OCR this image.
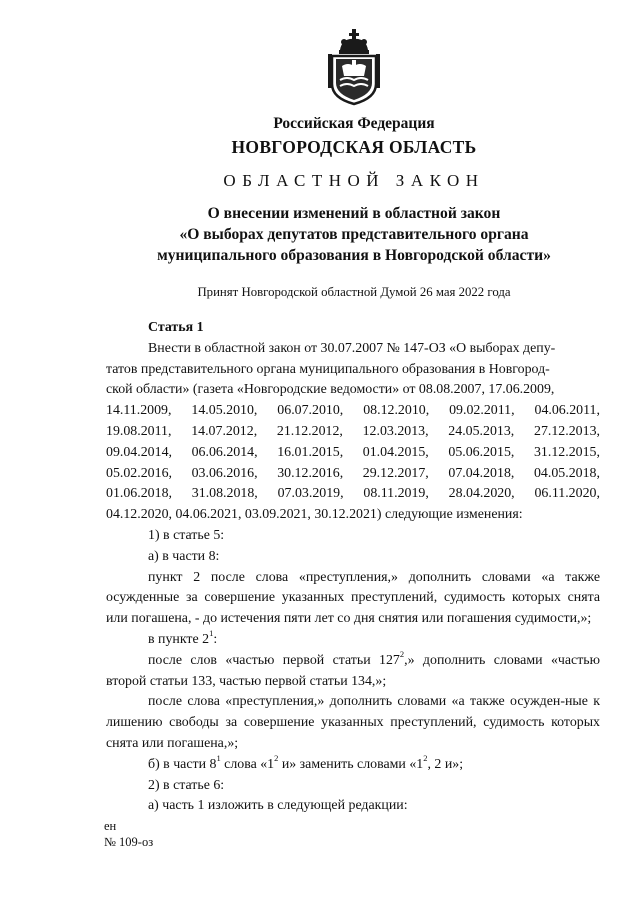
Российская Федерация
НОВГОРОДСКАЯ ОБЛАСТЬ
ОБЛАСТНОЙ ЗАКОН
О внесении изменений в областной закон
«О выборах депутатов представительного органа
муниципального образования в Новгородской области»
Принят Новгородской областной Думой 26 мая 2022 года

Статья 1

Внести в областной закон от 30.07.2007 № 147-ОЗ «О выборах депу-

татов представительного органа муниципального образования в Новгород-

ской области» (газета «Новгородские ведомости» от 08.08.2007, 17.06.2009,

14.11.2009, 14.05.2010, 06.07.2010, 08.12.2010, 09.02.2011, 04.06.2011,
19.08.2011, 14.07.2012, 21.12.2012, 12.03.2013, 24.05.2013, 27.12.2013,
09.04.2014, 06.06.2014, 16.01.2015, 01.04.2015, 05.06.2015, 31.12.2015,
05.02.2016, 03.06.2016, 30.12.2016, 29.12.2017, 07.04.2018, 04.05.2018,
01.06.2018, 31.08.2018, 07.03.2019, 08.11.2019, 28.04.2020, 06.11.2020,

04.12.2020, 04.06.2021, 03.09.2021, 30.12.2021) следующие изменения:

1) в статье 5:

а) в части 8:

пункт 2 после слова «преступления,» дополнить словами «а также осужденные за совершение указанных преступлений, судимость которых снята или погашена, - до истечения пяти лет со дня снятия или погашения судимости,»;

в пункте $2^1$:

после слов «частью первой статьи $127^2$,» дополнить словами «частью второй статьи 133, частью первой статьи 134,»;

после слова «преступления,» дополнить словами «а также осужден-ные к лишению свободы за совершение указанных преступлений, судимость которых снята или погашена,»;

б) в части $8^1$ слова «$1^2$ и» заменить словами «$1^2$, 2 и»;

2) в статье 6:

а) часть 1 изложить в следующей редакции:

ен
№ 109-оз
